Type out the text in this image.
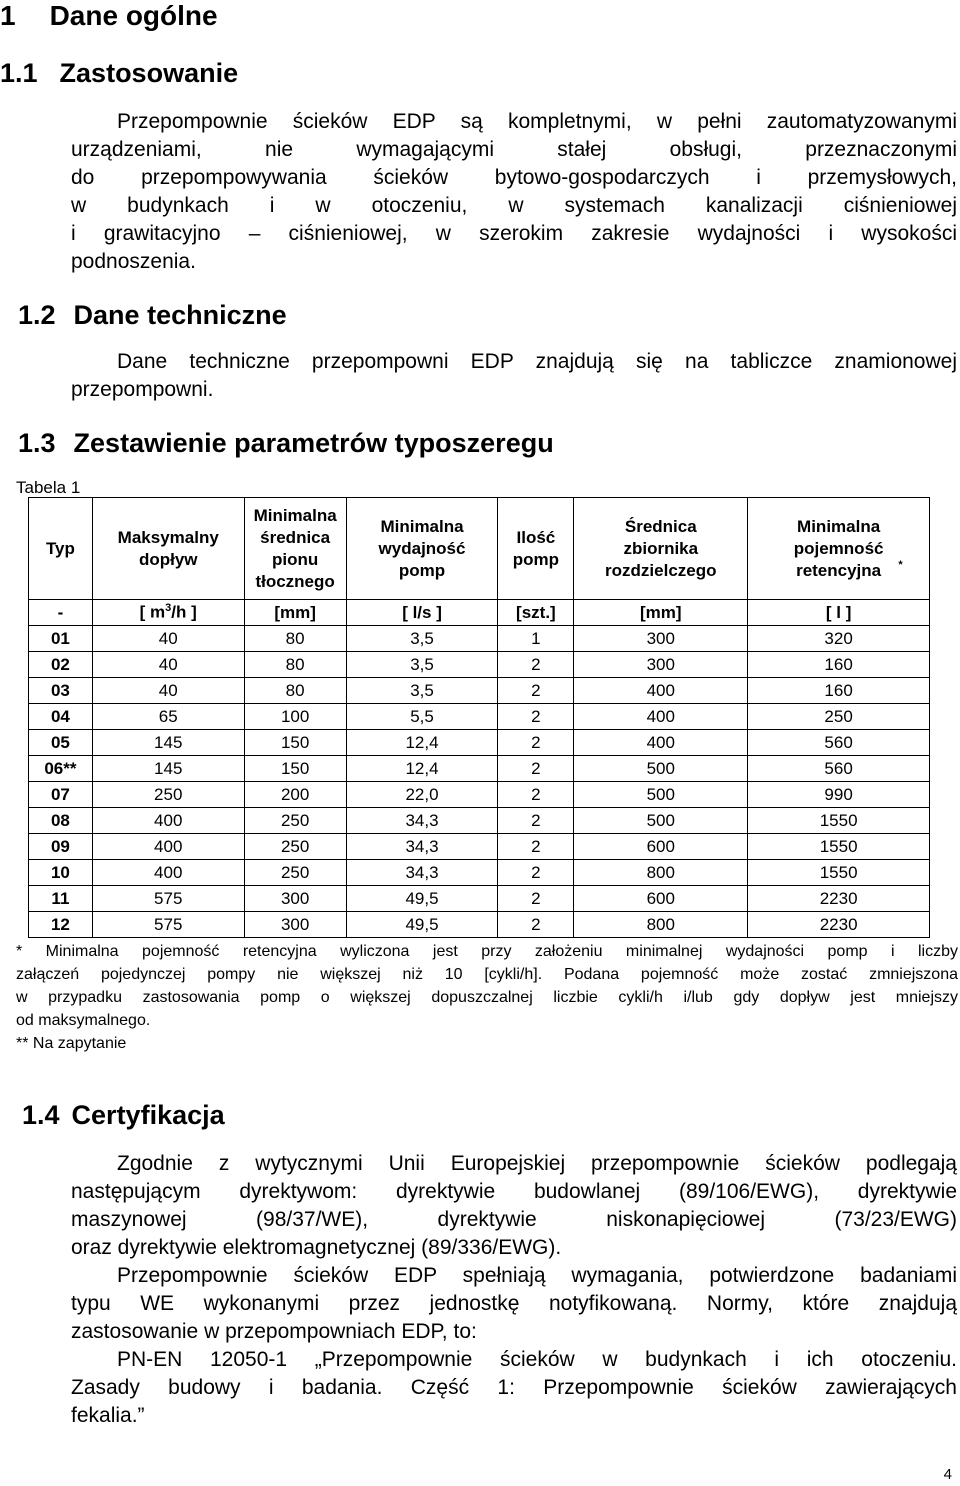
1 Dane ogólne
1.1 Zastosowanie
Przepompownie ścieków EDP są kompletnymi, w pełni zautomatyzowanymi
urządzeniami, nie wymagającymi stałej obsługi, przeznaczonymi
do przepompowywania ścieków bytowo-gospodarczych i przemysłowych,
w budynkach i w otoczeniu, w systemach kanalizacji ciśnieniowej
i grawitacyjno – ciśnieniowej, w szerokim zakresie wydajności i wysokości
podnoszenia.
1.2 Dane techniczne
Dane techniczne przepompowni EDP znajdują się na tabliczce znamionowej
przepompowni.
1.3 Zestawienie parametrów typoszeregu
Tabela 1
Typ	Maksymalny dopływ	Minimalna średnica pionu tłocznego	Minimalna wydajność pomp	Ilość pomp	Średnica zbiornika rozdzielczego	Minimalna pojemność retencyjna *

-	[ $m^3/h$ ]	[mm]	[ l/s ]	[szt.]	[mm]	[ l ]
01	40	80	3,5	1	300	320
02	40	80	3,5	2	300	160
03	40	80	3,5	2	400	160
04	65	100	5,5	2	400	250
05	145	150	12,4	2	400	560
06**	145	150	12,4	2	500	560
07	250	200	22,0	2	500	990
08	400	250	34,3	2	500	1550
09	400	250	34,3	2	600	1550
10	400	250	34,3	2	800	1550
11	575	300	49,5	2	600	2230
12	575	300	49,5	2	800	2230
* Minimalna pojemność retencyjna wyliczona jest przy założeniu minimalnej wydajności pomp i liczby
załączeń pojedynczej pompy nie większej niż 10 [cykli/h]. Podana pojemność może zostać zmniejszona
w przypadku zastosowania pomp o większej dopuszczalnej liczbie cykli/h i/lub gdy dopływ jest mniejszy
od maksymalnego.
** Na zapytanie
1.4 Certyfikacja
Zgodnie z wytycznymi Unii Europejskiej przepompownie ścieków podlegają
następującym dyrektywom: dyrektywie budowlanej (89/106/EWG), dyrektywie
maszynowej (98/37/WE), dyrektywie niskonapięciowej (73/23/EWG)
oraz dyrektywie elektromagnetycznej (89/336/EWG).
Przepompownie ścieków EDP spełniają wymagania, potwierdzone badaniami
typu WE wykonanymi przez jednostkę notyfikowaną. Normy, które znajdują
zastosowanie w przepompowniach EDP, to:
PN-EN 12050-1 „Przepompownie ścieków w budynkach i ich otoczeniu.
Zasady budowy i badania. Część 1: Przepompownie ścieków zawierających
fekalia.”
4
